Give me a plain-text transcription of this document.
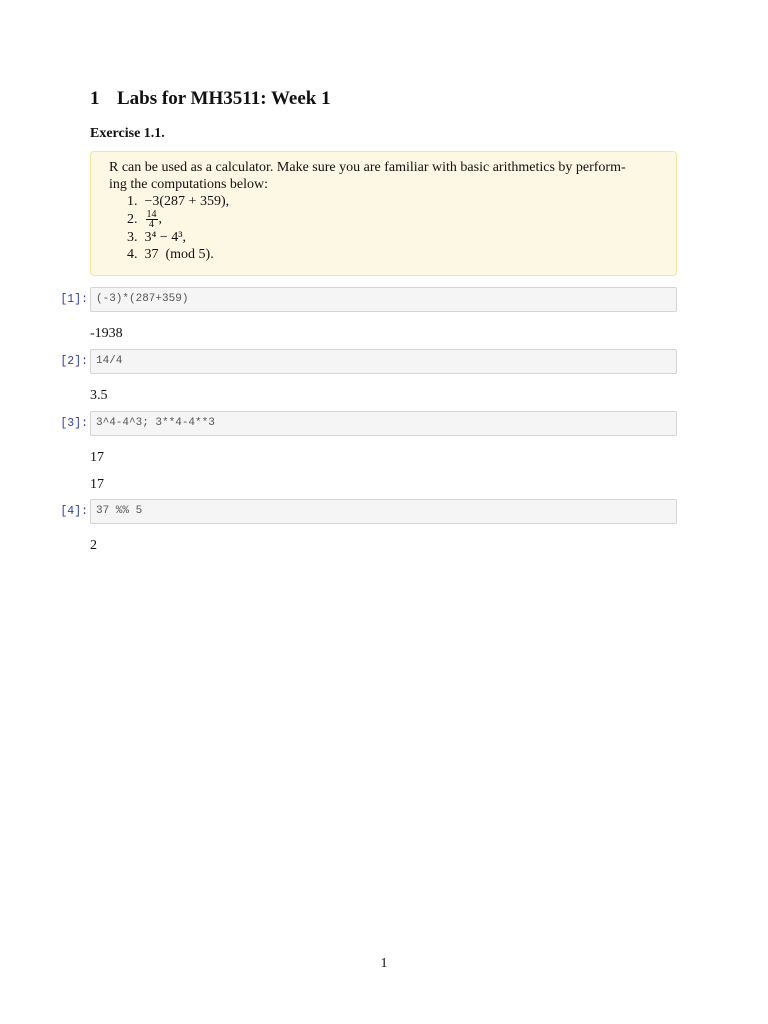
1 Labs for MH3511: Week 1
Exercise 1.1.

R can be used as a calculator. Make sure you are familiar with basic arithmetics by perform-
ing the computations below:

1. −3(287 + 359),
2. $\frac{14}{4}$ ,
3. 3⁴ − 4³,
4. 37  (mod 5).
[1]: (-3)*(287+359)
-1938
[2]: 14/4
3.5
[3]: 3^4-4^3; 3**4-4**3
17
17
[4]: 37 %% 5
2
1
